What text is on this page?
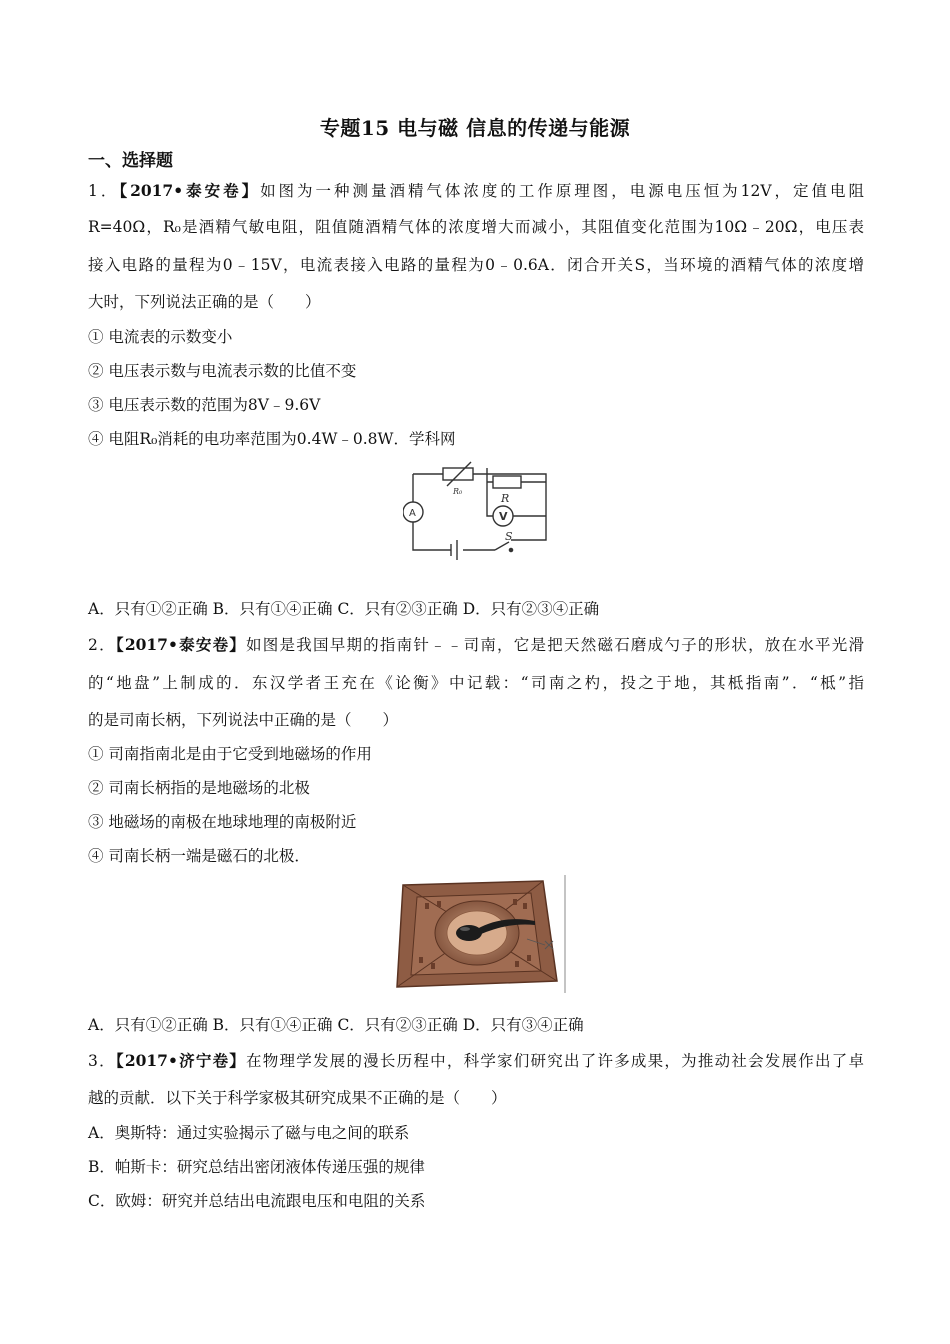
专题15 电与磁 信息的传递与能源
一、选择题
1．【2017•泰安卷】如图为一种测量酒精气体浓度的工作原理图，电源电压恒为12V，定值电阻
R=40Ω，R₀是酒精气敏电阻，阻值随酒精气体的浓度增大而减小，其阻值变化范围为10Ω﹣20Ω，电压表
接入电路的量程为0﹣15V，电流表接入电路的量程为0﹣0.6A．闭合开关S，当环境的酒精气体的浓度增
大时，下列说法正确的是（　　）
① 电流表的示数变小
② 电压表示数与电流表示数的比值不变
③ 电压表示数的范围为8V﹣9.6V
④ 电阻R₀消耗的电功率范围为0.4W﹣0.8W．学科网
R₀
R
S
A	V
A．只有①②正确 B．只有①④正确 C．只有②③正确 D．只有②③④正确
2．【2017•泰安卷】如图是我国早期的指南针﹣﹣司南，它是把天然磁石磨成勺子的形状，放在水平光滑
的“地盘”上制成的．东汉学者王充在《论衡》中记载：“司南之杓，投之于地，其柢指南”．“柢”指
的是司南长柄，下列说法中正确的是（　　）
① 司南指南北是由于它受到地磁场的作用
② 司南长柄指的是地磁场的北极
③ 地磁场的南极在地球地理的南极附近
④ 司南长柄一端是磁石的北极．
A．只有①②正确 B．只有①④正确 C．只有②③正确 D．只有③④正确
3．【2017•济宁卷】在物理学发展的漫长历程中，科学家们研究出了许多成果，为推动社会发展作出了卓
越的贡献．以下关于科学家极其研究成果不正确的是（　　）
A．奥斯特：通过实验揭示了磁与电之间的联系
B．帕斯卡：研究总结出密闭液体传递压强的规律
C．欧姆：研究并总结出电流跟电压和电阻的关系
